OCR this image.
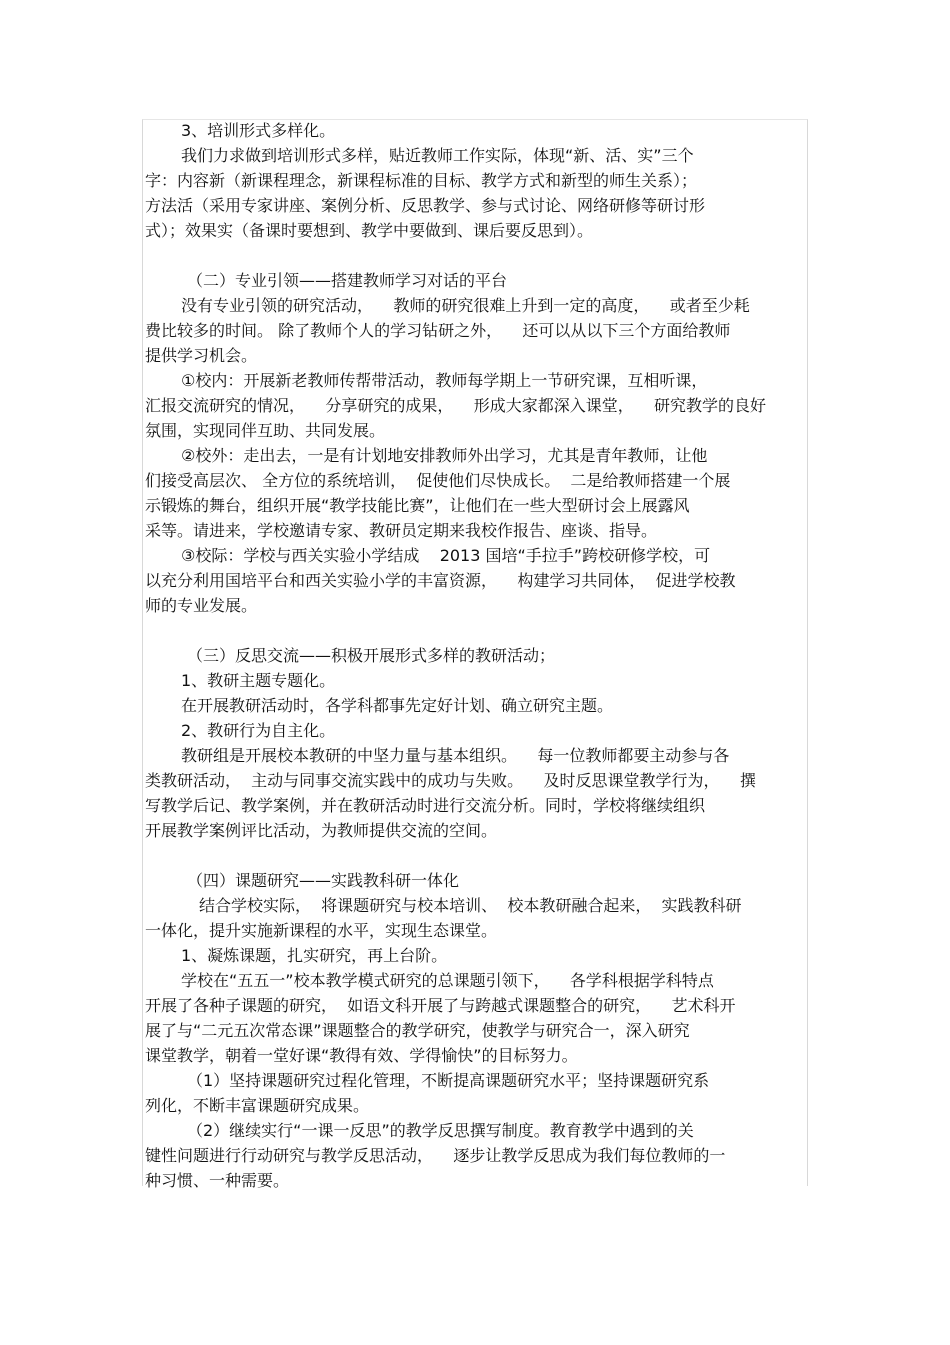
3、培训形式多样化。
我们力求做到培训形式多样，贴近教师工作实际，体现“新、活、实”三个
字：内容新（新课程理念，新课程标准的目标、教学方式和新型的师生关系）；
方法活（采用专家讲座、案例分析、反思教学、参与式讨论、网络研修等研讨形
式）；效果实（备课时要想到、教学中要做到、课后要反思到）。
（二）专业引领——搭建教师学习对话的平台
没有专业引领的研究活动，    教师的研究很难上升到一定的高度，    或者至少耗
费比较多的时间。 除了教师个人的学习钻研之外，    还可以从以下三个方面给教师
提供学习机会。
①校内：开展新老教师传帮带活动，教师每学期上一节研究课，互相听课，
汇报交流研究的情况，    分享研究的成果，    形成大家都深入课堂，    研究教学的良好
氛围，实现同伴互助、共同发展。
②校外：走出去，一是有计划地安排教师外出学习，尤其是青年教师，让他
们接受高层次、 全方位的系统培训，  促使他们尽快成长。  二是给教师搭建一个展
示锻炼的舞台，组织开展“教学技能比赛”，让他们在一些大型研讨会上展露风
采等。请进来，学校邀请专家、教研员定期来我校作报告、座谈、指导。
③校际：学校与西关实验小学结成    2013 国培“手拉手”跨校研修学校，可
以充分利用国培平台和西关实验小学的丰富资源，    构建学习共同体，  促进学校教
师的专业发展。
（三）反思交流——积极开展形式多样的教研活动；
1、教研主题专题化。
在开展教研活动时，各学科都事先定好计划、确立研究主题。
2、教研行为自主化。
教研组是开展校本教研的中坚力量与基本组织。    每一位教师都要主动参与各
类教研活动，  主动与同事交流实践中的成功与失败。    及时反思课堂教学行为，    撰
写教学后记、教学案例，并在教研活动时进行交流分析。同时，学校将继续组织
开展教学案例评比活动，为教师提供交流的空间。
（四）课题研究——实践教科研一体化
结合学校实际，  将课题研究与校本培训、  校本教研融合起来，  实践教科研
一体化，提升实施新课程的水平，实现生态课堂。
1、凝炼课题，扎实研究，再上台阶。
学校在“五五一”校本教学模式研究的总课题引领下，    各学科根据学科特点
开展了各种子课题的研究，  如语文科开展了与跨越式课题整合的研究，    艺术科开
展了与“二元五次常态课”课题整合的教学研究，使教学与研究合一，深入研究
课堂教学，朝着一堂好课“教得有效、学得愉快”的目标努力。
（1）坚持课题研究过程化管理，不断提高课题研究水平；坚持课题研究系
列化，不断丰富课题研究成果。
（2）继续实行“一课一反思”的教学反思撰写制度。教育教学中遇到的关
键性问题进行行动研究与教学反思活动，    逐步让教学反思成为我们每位教师的一
种习惯、一种需要。
